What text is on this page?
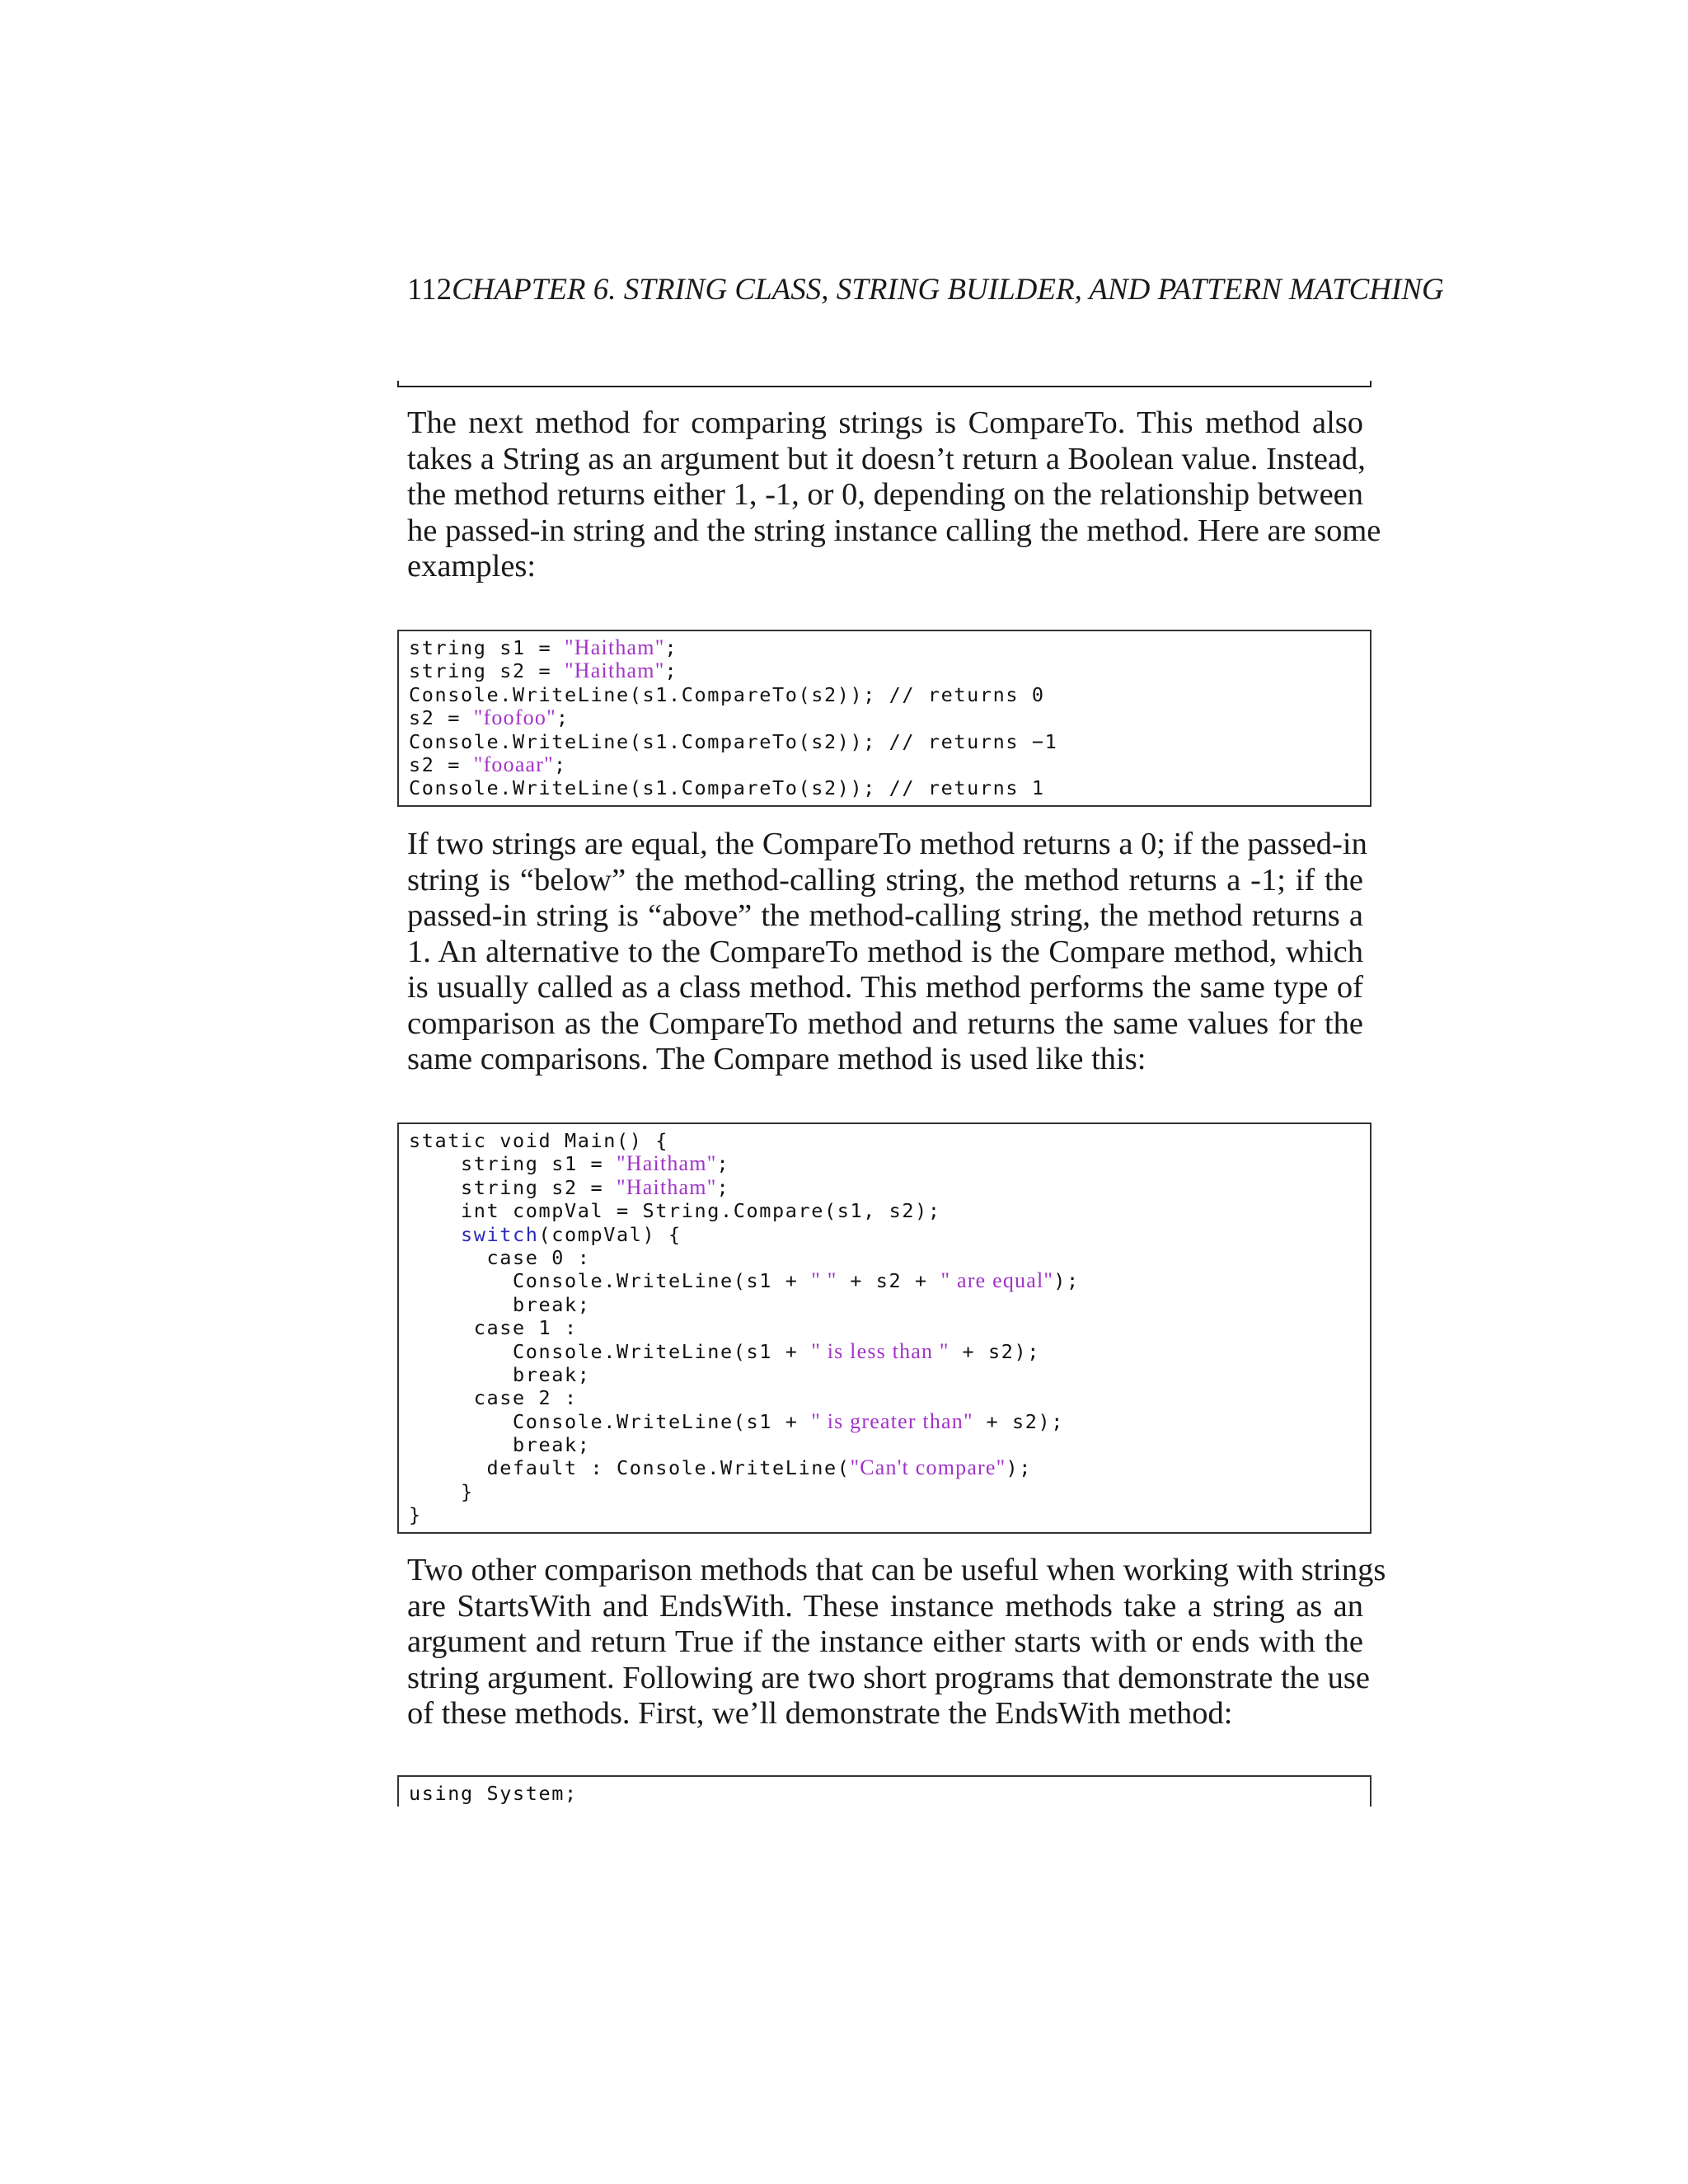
112CHAPTER 6. STRING CLASS, STRING BUILDER, AND PATTERN MATCHING
The next method for comparing strings is CompareTo. This method also
takes a String as an argument but it doesn’t return a Boolean value. Instead,
the method returns either 1, -1, or 0, depending on the relationship between
he passed-in string and the string instance calling the method. Here are some
examples:
string s1 = "Haitham";
string s2 = "Haitham";
Console.WriteLine(s1.CompareTo(s2)); // returns 0
s2 = "foofoo";
Console.WriteLine(s1.CompareTo(s2)); // returns −1
s2 = "fooaar";
Console.WriteLine(s1.CompareTo(s2)); // returns 1
If two strings are equal, the CompareTo method returns a 0; if the passed-in
string is “below” the method-calling string, the method returns a -1; if the
passed-in string is “above” the method-calling string, the method returns a
1. An alternative to the CompareTo method is the Compare method, which
is usually called as a class method. This method performs the same type of
comparison as the CompareTo method and returns the same values for the
same comparisons. The Compare method is used like this:
static void Main() {
string s1 = "Haitham";
string s2 = "Haitham";
int compVal = String.Compare(s1, s2);
switch(compVal) {
case 0 :
Console.WriteLine(s1 + " " + s2 + " are equal");
break;
case 1 :
Console.WriteLine(s1 + " is less than " + s2);
break;
case 2 :
Console.WriteLine(s1 + " is greater than" + s2);
break;
default : Console.WriteLine("Can't compare");
}
}
Two other comparison methods that can be useful when working with strings
are StartsWith and EndsWith. These instance methods take a string as an
argument and return True if the instance either starts with or ends with the
string argument. Following are two short programs that demonstrate the use
of these methods. First, we’ll demonstrate the EndsWith method:
using System;
